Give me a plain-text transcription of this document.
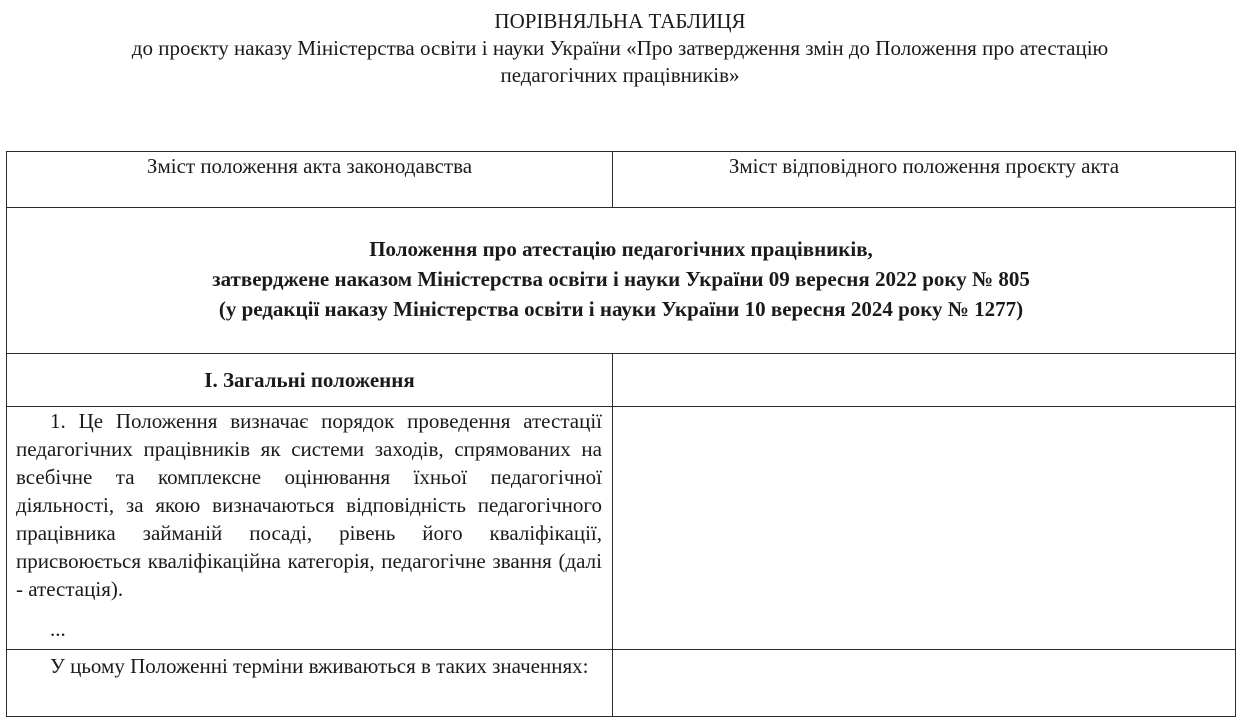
ПОРІВНЯЛЬНА ТАБЛИЦЯ
до проєкту наказу Міністерства освіти і науки України «Про затвердження змін до Положення про атестацію
педагогічних працівників»
Зміст положення акта законодавства	Зміст відповідного положення проєкту акта

Положення про атестацію педагогічних працівників,
затверджене наказом Міністерства освіти і науки України 09 вересня 2022 року № 805
(у редакції наказу Міністерства освіти і науки України 10 вересня 2024 року № 1277)	

I. Загальні положення	

1. Це Положення визначає порядок проведення атестації педагогічних працівників як системи заходів, спрямованих на всебічне та комплексне оцінювання їхньої педагогічної діяльності, за якою визначаються відповідність педагогічного працівника займаній посаді, рівень його кваліфікації, присвоюється кваліфікаційна категорія, педагогічне звання (далі - атестація).
...	

У цьому Положенні терміни вживаються в таких значеннях:	
